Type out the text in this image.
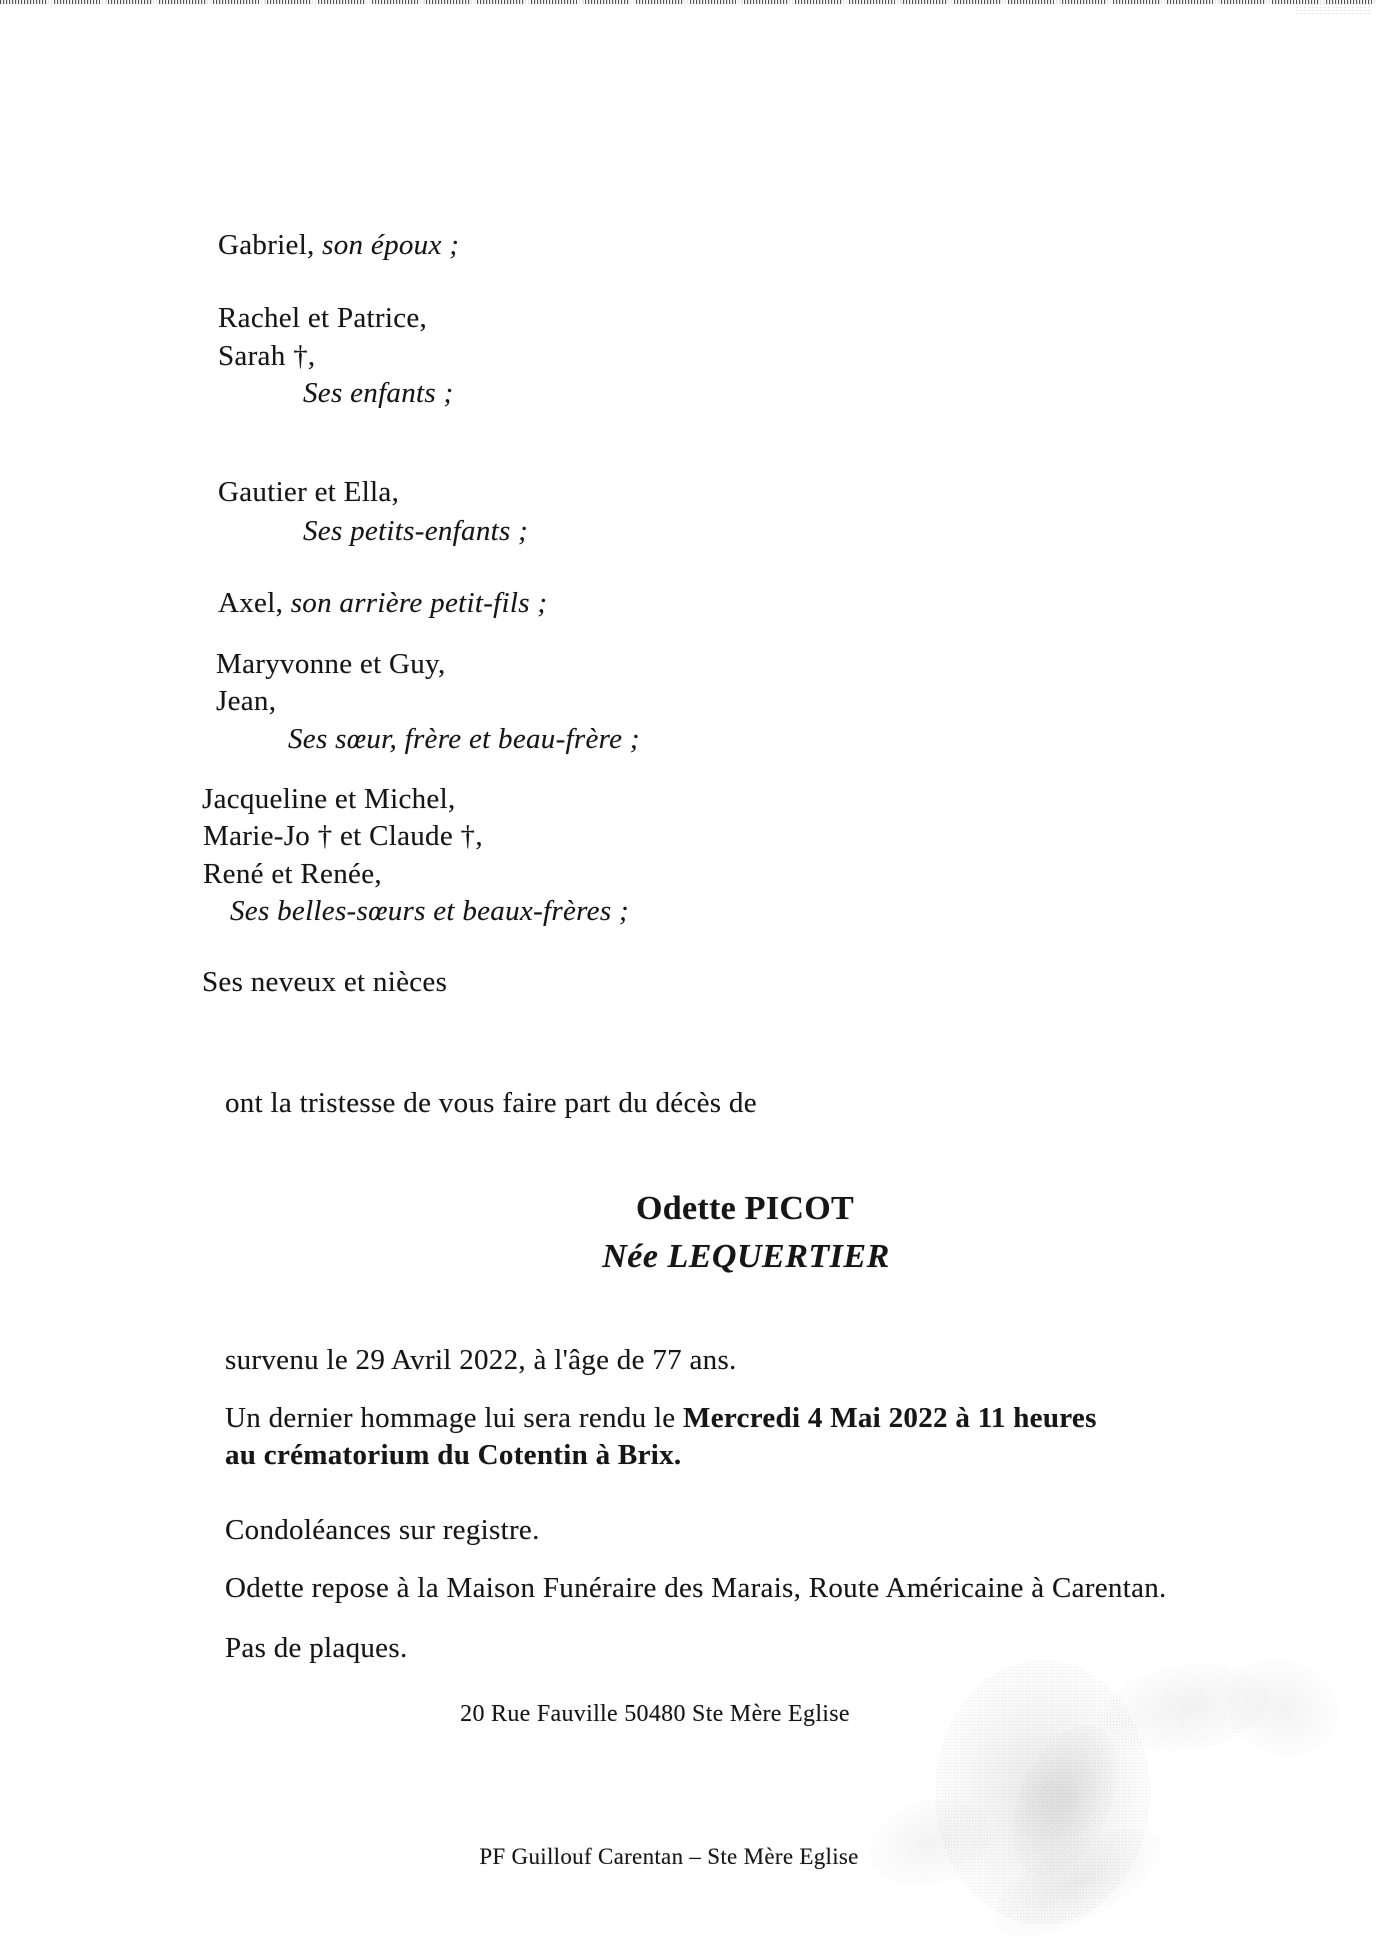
Gabriel, son époux ;
Rachel et Patrice,
Sarah †,
Ses enfants ;
Gautier et Ella,
Ses petits-enfants ;
Axel, son arrière petit-fils ;
Maryvonne et Guy,
Jean,
Ses sœur, frère et beau-frère ;
Jacqueline et Michel,
Marie-Jo † et Claude †,
René et Renée,
Ses belles-sœurs et beaux-frères ;
Ses neveux et nièces
ont la tristesse de vous faire part du décès de
Odette PICOT
Née LEQUERTIER
survenu le 29 Avril 2022, à l'âge de 77 ans.
Un dernier hommage lui sera rendu le Mercredi 4 Mai 2022 à 11 heures
au crématorium du Cotentin à Brix.
Condoléances sur registre.
Odette repose à la Maison Funéraire des Marais, Route Américaine à Carentan.
Pas de plaques.
20 Rue Fauville 50480 Ste Mère Eglise
PF Guillouf Carentan – Ste Mère Eglise
